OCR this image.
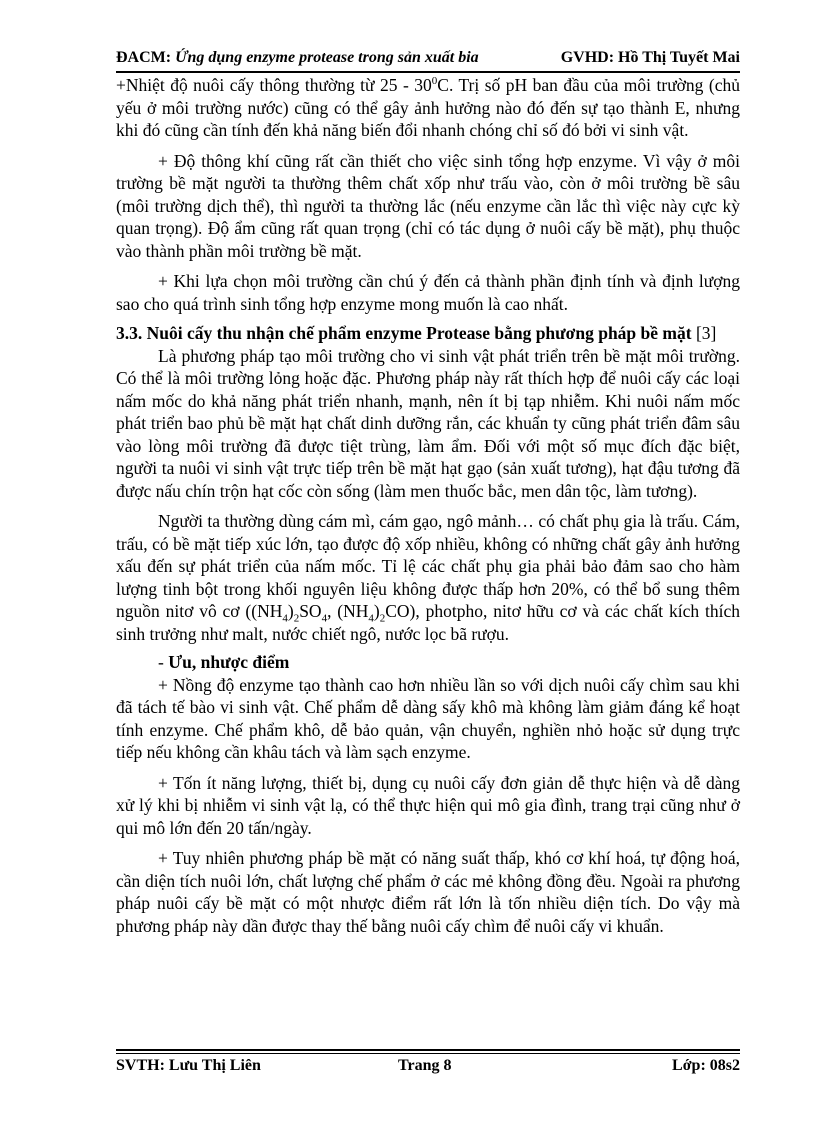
ĐACM: Ứng dụng enzyme protease trong sản xuất bia	GVHD: Hồ Thị Tuyết Mai

+Nhiệt độ nuôi cấy thông thường từ $25 - 30^0C$. Trị số pH ban đầu của môi trường (chủ yếu ở môi trường nước) cũng có thể gây ảnh hưởng nào đó đến sự tạo thành E, nhưng khi đó cũng cần tính đến khả năng biến đổi nhanh chóng chỉ số đó bởi vi sinh vật.

+ Độ thông khí cũng rất cần thiết cho việc sinh tổng hợp enzyme. Vì vậy ở môi trường bề mặt người ta thường thêm chất xốp như trấu vào, còn ở môi trường bề sâu (môi trường dịch thể), thì người ta thường lắc (nếu enzyme cần lắc thì việc này cực kỳ quan trọng). Độ ẩm cũng rất quan trọng (chỉ có tác dụng ở nuôi cấy bề mặt), phụ thuộc vào thành phần môi trường bề mặt.

+ Khi lựa chọn môi trường cần chú ý đến cả thành phần định tính và định lượng sao cho quá trình sinh tổng hợp enzyme mong muốn là cao nhất.

3.3. Nuôi cấy thu nhận chế phẩm enzyme Protease bằng phương pháp bề mặt [3]

Là phương pháp tạo môi trường cho vi sinh vật phát triển trên bề mặt môi trường. Có thể là môi trường lỏng hoặc đặc. Phương pháp này rất thích hợp để nuôi cấy các loại nấm mốc do khả năng phát triển nhanh, mạnh, nên ít bị tạp nhiễm. Khi nuôi nấm mốc phát triển bao phủ bề mặt hạt chất dinh dưỡng rắn, các khuẩn ty cũng phát triển đâm sâu vào lòng môi trường đã được tiệt trùng, làm ẩm. Đối với một số mục đích đặc biệt, người ta nuôi vi sinh vật trực tiếp trên bề mặt hạt gạo (sản xuất tương), hạt đậu tương đã được nấu chín trộn hạt cốc còn sống (làm men thuốc bắc, men dân tộc, làm tương).

Người ta thường dùng cám mì, cám gạo, ngô mảnh… có chất phụ gia là trấu. Cám, trấu, có bề mặt tiếp xúc lớn, tạo được độ xốp nhiều, không có những chất gây ảnh hưởng xấu đến sự phát triển của nấm mốc. Tỉ lệ các chất phụ gia phải bảo đảm sao cho hàm lượng tinh bột trong khối nguyên liệu không được thấp hơn 20%, có thể bổ sung thêm nguồn nitơ vô cơ ($(NH_4)_2SO_4$, $(NH_4)_2CO$), photpho, nitơ hữu cơ và các chất kích thích sinh trưởng như malt, nước chiết ngô, nước lọc bã rượu.

- Ưu, nhược điểm

+ Nồng độ enzyme tạo thành cao hơn nhiều lần so với dịch nuôi cấy chìm sau khi đã tách tế bào vi sinh vật. Chế phẩm dễ dàng sấy khô mà không làm giảm đáng kể hoạt tính enzyme. Chế phẩm khô, dễ bảo quản, vận chuyển, nghiền nhỏ hoặc sử dụng trực tiếp nếu không cần khâu tách và làm sạch enzyme.

+ Tốn ít năng lượng, thiết bị, dụng cụ nuôi cấy đơn giản dễ thực hiện và dễ dàng xử lý khi bị nhiễm vi sinh vật lạ, có thể thực hiện qui mô gia đình, trang trại cũng như ở qui mô lớn đến 20 tấn/ngày.

+ Tuy nhiên phương pháp bề mặt có năng suất thấp, khó cơ khí hoá, tự động hoá, cần diện tích nuôi lớn, chất lượng chế phẩm ở các mẻ không đồng đều. Ngoài ra phương pháp nuôi cấy bề mặt có một nhược điểm rất lớn là tốn nhiều diện tích. Do vậy mà phương pháp này dần được thay thế bằng nuôi cấy chìm để nuôi cấy vi khuẩn.

SVTH: Lưu Thị Liên	Trang 8	Lớp: 08s2
